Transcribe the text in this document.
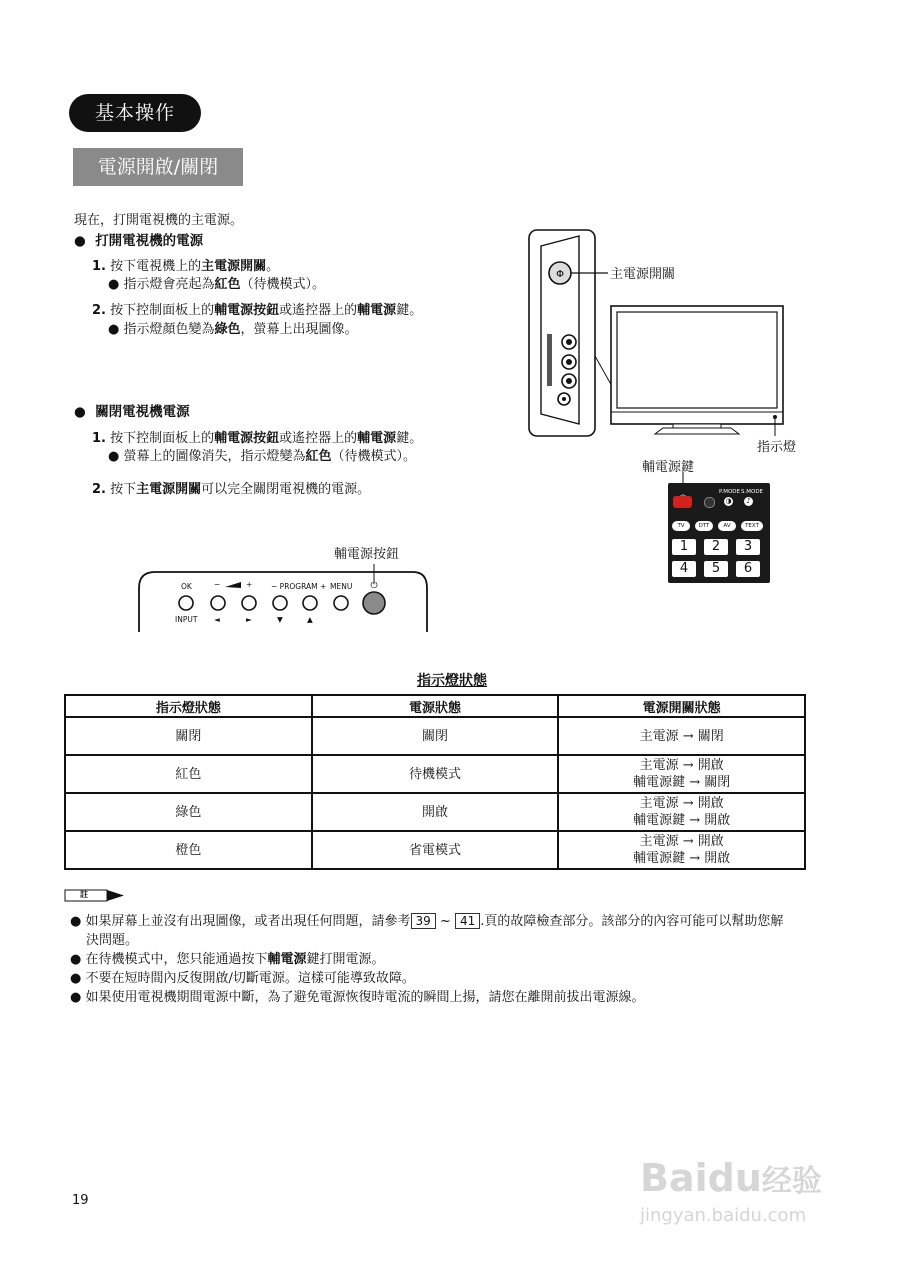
基本操作
電源開啟/關閉
現在，打開電視機的主電源。
● 打開電視機的電源
1. 按下電視機上的主電源開關。
● 指示燈會亮起為紅色（待機模式）。
2. 按下控制面板上的輔電源按鈕或遙控器上的輔電源鍵。
● 指示燈顏色變為綠色，螢幕上出現圖像。
● 關閉電視機電源
1. 按下控制面板上的輔電源按鈕或遙控器上的輔電源鍵。
● 螢幕上的圖像消失，指示燈變為紅色（待機模式）。
2. 按下主電源開關可以完全關閉電視機的電源。
Φ	主電源開關
指示燈
輔電源鍵
P.MODE S.MODE
◑	♪
TV	DTT	AV	TEXT
1	2	3
4	5	6
輔電源按鈕
⏻
OK	−	+ − PROGRAM + MENU
INPUT ◄	►	▼	▲
指示燈狀態
指示燈狀態	電源狀態	電源開關狀態
關閉	關閉	主電源 → 關閉

紅色	待機模式	主電源 → 開啟
輔電源鍵 → 關閉

綠色	開啟	主電源 → 開啟
輔電源鍵 → 開啟

橙色	省電模式	主電源 → 開啟
輔電源鍵 → 開啟
註
● 如果屏幕上並沒有出現圖像，或者出現任何問題，請參考 39 ~ 41 .頁的故障檢查部分。該部分的內容可能可以幫助您解
決問題。
● 在待機模式中，您只能通過按下輔電源鍵打開電源。
● 不要在短時間內反復開啟/切斷電源。這樣可能導致故障。
● 如果使用電視機期間電源中斷，為了避免電源恢復時電流的瞬間上揚，請您在離開前拔出電源線。
19
Baidu经验
jingyan.baidu.com
